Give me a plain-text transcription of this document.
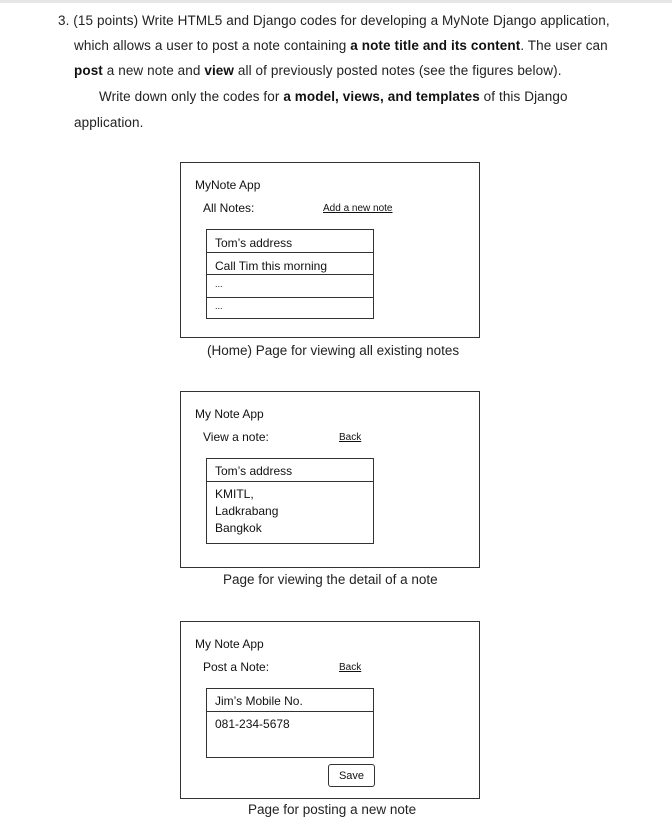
3. (15 points) Write HTML5 and Django codes for developing a MyNote Django application,
which allows a user to post a note containing a note title and its content. The user can
post a new note and view all of previously posted notes (see the figures below).
Write down only the codes for a model, views, and templates of this Django
application.
MyNote App
All Notes:	Add a new note
Tom’s address
Call Tim this morning
...
...
(Home) Page for viewing all existing notes
My Note App
View a note:	Back
Tom’s address
KMITL,
Ladkrabang
Bangkok
Page for viewing the detail of a note
My Note App
Post a Note:	Back
Jim’s Mobile No.
081-234-5678
Save
Page for posting a new note
